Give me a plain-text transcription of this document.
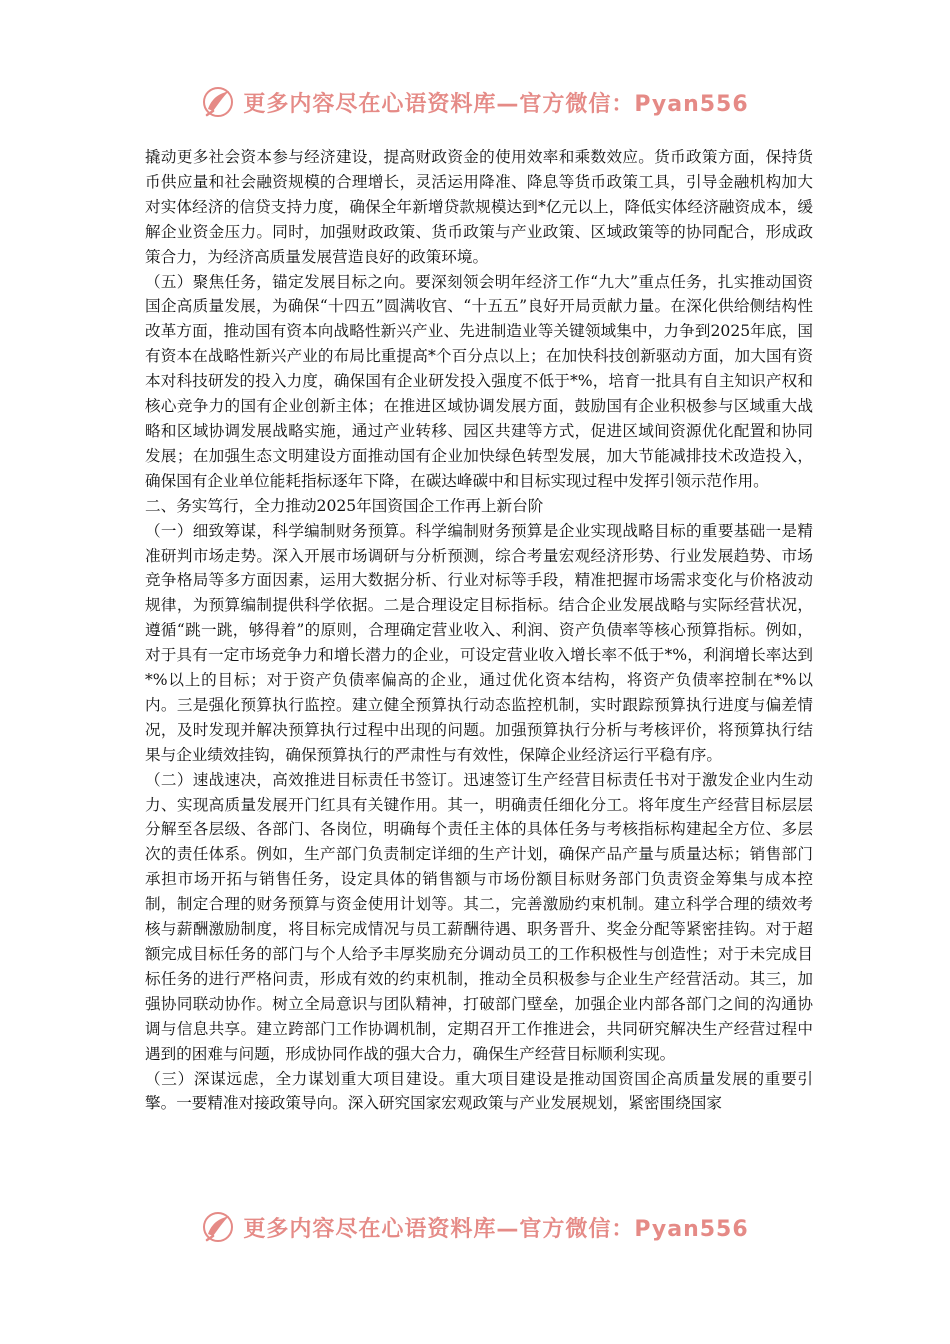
更多内容尽在心语资料库—官方微信：Pyan556

撬动更多社会资本参与经济建设，提高财政资金的使用效率和乘数效应。货币政策方面，保持货币供应量和社会融资规模的合理增长，灵活运用降准、降息等货币政策工具，引导金融机构加大对实体经济的信贷支持力度，确保全年新增贷款规模达到*亿元以上，降低实体经济融资成本，缓解企业资金压力。同时，加强财政政策、货币政策与产业政策、区域政策等的协同配合，形成政策合力，为经济高质量发展营造良好的政策环境。

（五）聚焦任务，锚定发展目标之向。要深刻领会明年经济工作“九大”重点任务，扎实推动国资国企高质量发展，为确保“十四五”圆满收官、“十五五”良好开局贡献力量。在深化供给侧结构性改革方面，推动国有资本向战略性新兴产业、先进制造业等关键领域集中，力争到2025年底，国有资本在战略性新兴产业的布局比重提高*个百分点以上；在加快科技创新驱动方面，加大国有资本对科技研发的投入力度，确保国有企业研发投入强度不低于*%，培育一批具有自主知识产权和核心竞争力的国有企业创新主体；在推进区域协调发展方面，鼓励国有企业积极参与区域重大战略和区域协调发展战略实施，通过产业转移、园区共建等方式，促进区域间资源优化配置和协同发展；在加强生态文明建设方面推动国有企业加快绿色转型发展，加大节能减排技术改造投入，确保国有企业单位能耗指标逐年下降，在碳达峰碳中和目标实现过程中发挥引领示范作用。

二、务实笃行，全力推动2025年国资国企工作再上新台阶

（一）细致筹谋，科学编制财务预算。科学编制财务预算是企业实现战略目标的重要基础一是精准研判市场走势。深入开展市场调研与分析预测，综合考量宏观经济形势、行业发展趋势、市场竞争格局等多方面因素，运用大数据分析、行业对标等手段，精准把握市场需求变化与价格波动规律，为预算编制提供科学依据。二是合理设定目标指标。结合企业发展战略与实际经营状况，遵循“跳一跳，够得着”的原则，合理确定营业收入、利润、资产负债率等核心预算指标。例如，对于具有一定市场竞争力和增长潜力的企业，可设定营业收入增长率不低于*%，利润增长率达到*%以上的目标；对于资产负债率偏高的企业，通过优化资本结构，将资产负债率控制在*%以内。三是强化预算执行监控。建立健全预算执行动态监控机制，实时跟踪预算执行进度与偏差情况，及时发现并解决预算执行过程中出现的问题。加强预算执行分析与考核评价，将预算执行结果与企业绩效挂钩，确保预算执行的严肃性与有效性，保障企业经济运行平稳有序。

（二）速战速决，高效推进目标责任书签订。迅速签订生产经营目标责任书对于激发企业内生动力、实现高质量发展开门红具有关键作用。其一，明确责任细化分工。将年度生产经营目标层层分解至各层级、各部门、各岗位，明确每个责任主体的具体任务与考核指标构建起全方位、多层次的责任体系。例如，生产部门负责制定详细的生产计划，确保产品产量与质量达标；销售部门承担市场开拓与销售任务，设定具体的销售额与市场份额目标财务部门负责资金筹集与成本控制，制定合理的财务预算与资金使用计划等。其二，完善激励约束机制。建立科学合理的绩效考核与薪酬激励制度，将目标完成情况与员工薪酬待遇、职务晋升、奖金分配等紧密挂钩。对于超额完成目标任务的部门与个人给予丰厚奖励充分调动员工的工作积极性与创造性；对于未完成目标任务的进行严格问责，形成有效的约束机制，推动全员积极参与企业生产经营活动。其三，加强协同联动协作。树立全局意识与团队精神，打破部门壁垒，加强企业内部各部门之间的沟通协调与信息共享。建立跨部门工作协调机制，定期召开工作推进会，共同研究解决生产经营过程中遇到的困难与问题，形成协同作战的强大合力，确保生产经营目标顺利实现。

（三）深谋远虑，全力谋划重大项目建设。重大项目建设是推动国资国企高质量发展的重要引擎。一要精准对接政策导向。深入研究国家宏观政策与产业发展规划，紧密围绕国家

更多内容尽在心语资料库—官方微信：Pyan556
